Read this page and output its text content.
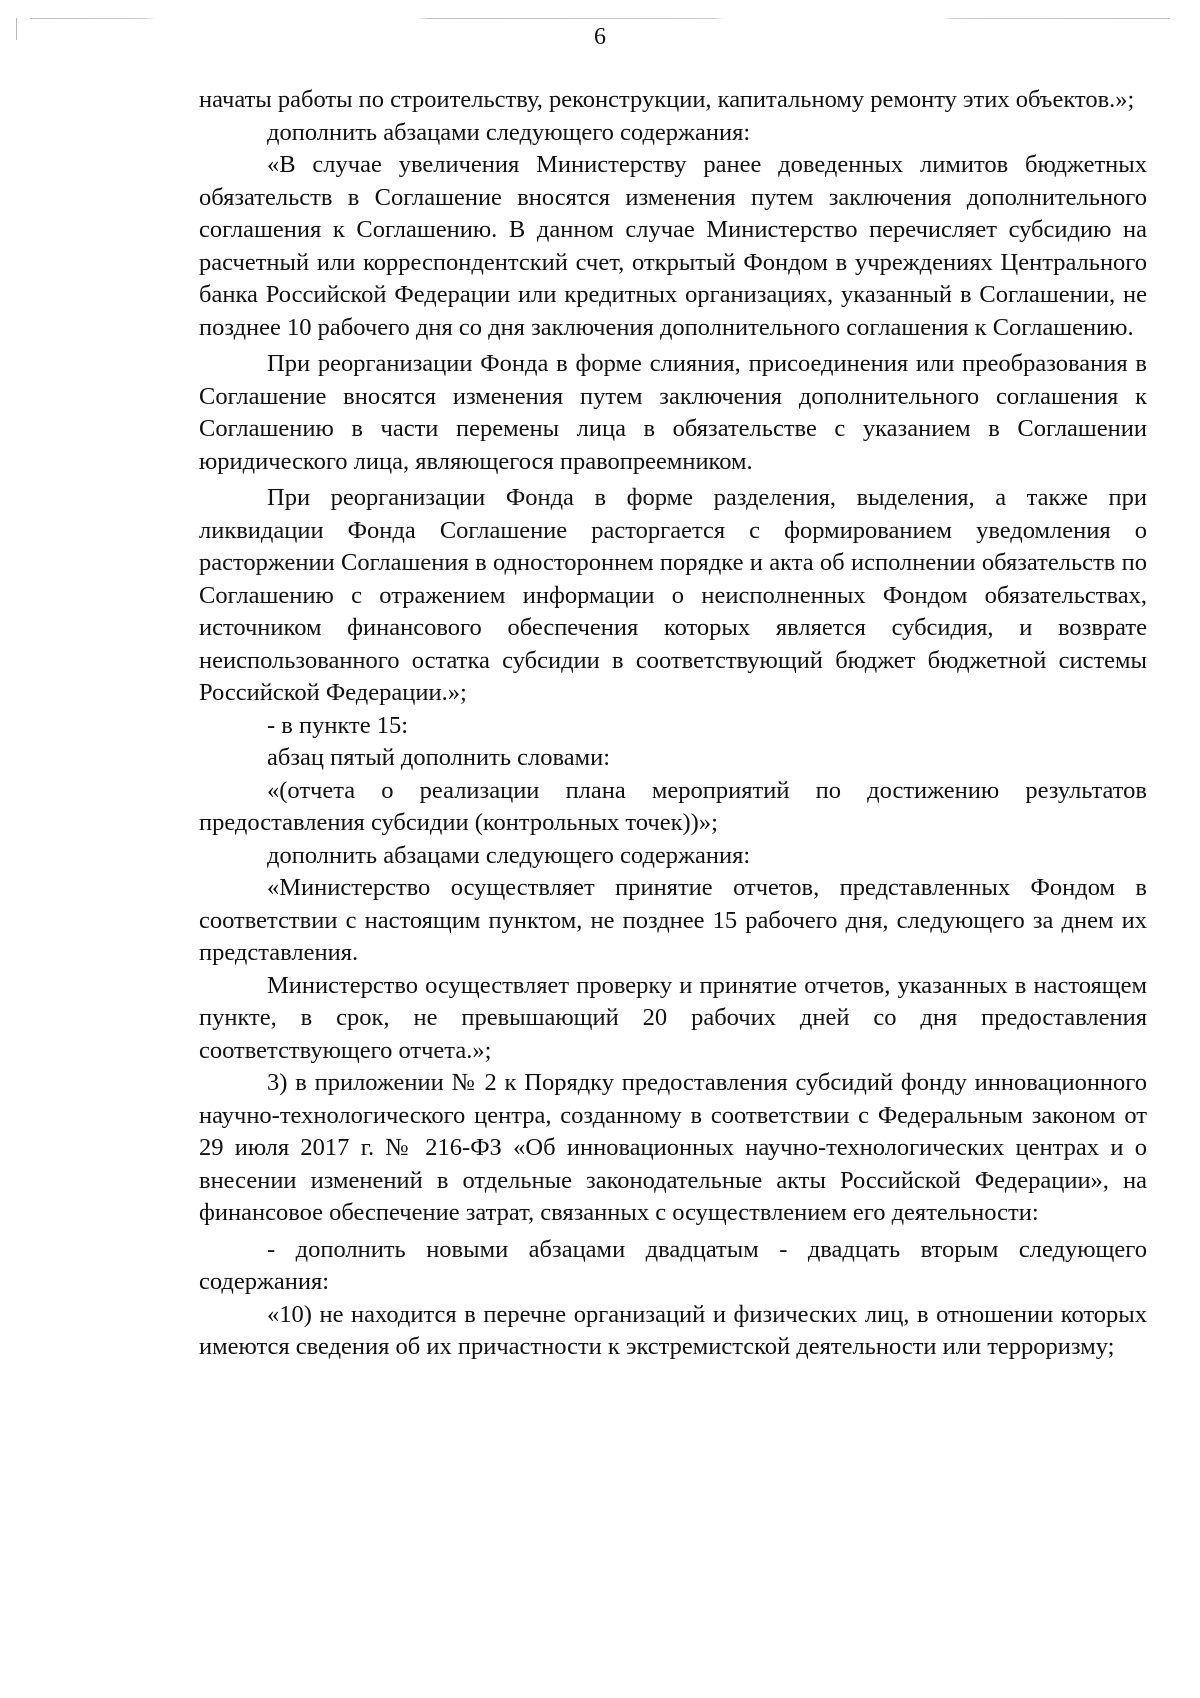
6

начаты работы по строительству, реконструкции, капитальному ремонту этих объектов.»;

дополнить абзацами следующего содержания:

«В случае увеличения Министерству ранее доведенных лимитов бюджетных обязательств в Соглашение вносятся изменения путем заключения дополнительного соглашения к Соглашению. В данном случае Министерство перечисляет субсидию на расчетный или корреспондентский счет, открытый Фондом в учреждениях Центрального банка Российской Федерации или кредитных организациях, указанный в Соглашении, не позднее 10 рабочего дня со дня заключения дополнительного соглашения к Соглашению.

При реорганизации Фонда в форме слияния, присоединения или преобразования в Соглашение вносятся изменения путем заключения дополнительного соглашения к Соглашению в части перемены лица в обязательстве с указанием в Соглашении юридического лица, являющегося правопреемником.

При реорганизации Фонда в форме разделения, выделения, а также при ликвидации Фонда Соглашение расторгается с формированием уведомления о расторжении Соглашения в одностороннем порядке и акта об исполнении обязательств по Соглашению с отражением информации о неисполненных Фондом обязательствах, источником финансового обеспечения которых является субсидия, и возврате неиспользованного остатка субсидии в соответствующий бюджет бюджетной системы Российской Федерации.»;

- в пункте 15:

абзац пятый дополнить словами:

«(отчета о реализации плана мероприятий по достижению результатов предоставления субсидии (контрольных точек))»;

дополнить абзацами следующего содержания:

«Министерство осуществляет принятие отчетов, представленных Фондом в соответствии с настоящим пунктом, не позднее 15 рабочего дня, следующего за днем их представления.

Министерство осуществляет проверку и принятие отчетов, указанных в настоящем пункте, в срок, не превышающий 20 рабочих дней со дня предоставления соответствующего отчета.»;

3) в приложении № 2 к Порядку предоставления субсидий фонду инновационного научно-технологического центра, созданному в соответствии с Федеральным законом от 29 июля 2017 г. № 216-ФЗ «Об инновационных научно-технологических центрах и о внесении изменений в отдельные законодательные акты Российской Федерации», на финансовое обеспечение затрат, связанных с осуществлением его деятельности:

- дополнить новыми абзацами двадцатым - двадцать вторым следующего содержания:

«10) не находится в перечне организаций и физических лиц, в отношении которых имеются сведения об их причастности к экстремистской деятельности или терроризму;
